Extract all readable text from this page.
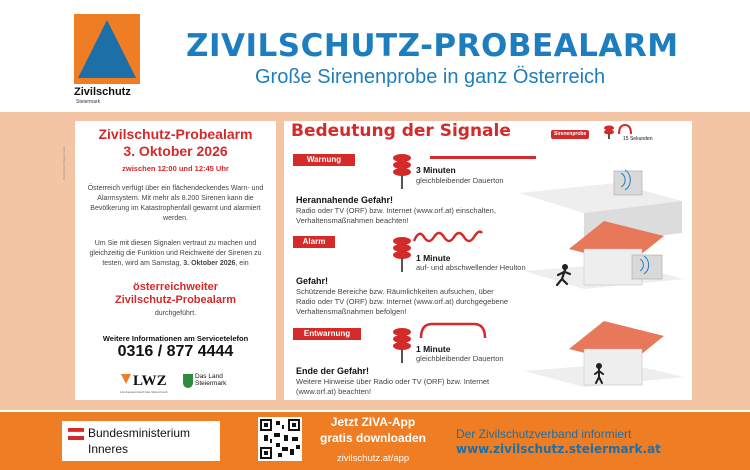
Zivilschutz
Steiermark
ZIVILSCHUTZ-PROBEALARM
Große Sirenenprobe in ganz Österreich
Zivilschutz-Probealarm
3. Oktober 2026
zwischen 12:00 und 12:45 Uhr
Österreich verfügt über ein flächendeckendes Warn- und Alarmsystem. Mit mehr als 8.200 Sirenen kann die Bevölkerung im Katastrophenfall gewarnt und alarmiert werden.
Um Sie mit diesen Signalen vertraut zu machen und gleichzeitig die Funktion und Reichweite der Sirenen zu testen, wird am Samstag, 3. Oktober 2026, ein
österreichweiter
Zivilschutz-Probealarm
durchgeführt.
Weitere Informationen am Servicetelefon
0316 / 877 4444
LWZ
Landeswarnzentrale Steiermark
Das Land
Steiermark
Zivilschutz Steiermark
Bedeutung der Signale	Sirenenprobe
15 Sekunden
Warnung
3 Minuten
gleichbleibender Dauerton
Herannahende Gefahr!
Radio oder TV (ORF) bzw. Internet (www.orf.at) einschalten, Verhaltensmaßnahmen beachten!
Alarm
1 Minute
auf- und abschwellender Heulton
Gefahr!
Schützende Bereiche bzw. Räumlichkeiten aufsuchen, über Radio oder TV (ORF) bzw. Internet (www.orf.at) durchgegebene Verhaltensmaßnahmen befolgen!
Entwarnung
1 Minute
gleichbleibender Dauerton
Ende der Gefahr!
Weitere Hinweise über Radio oder TV (ORF) bzw. Internet (www.orf.at) beachten!
Bundesministerium
Inneres
Jetzt ZIVA-App
gratis downloaden
zivilschutz.at/app
Der Zivilschutzverband informiert
www.zivilschutz.steiermark.at
